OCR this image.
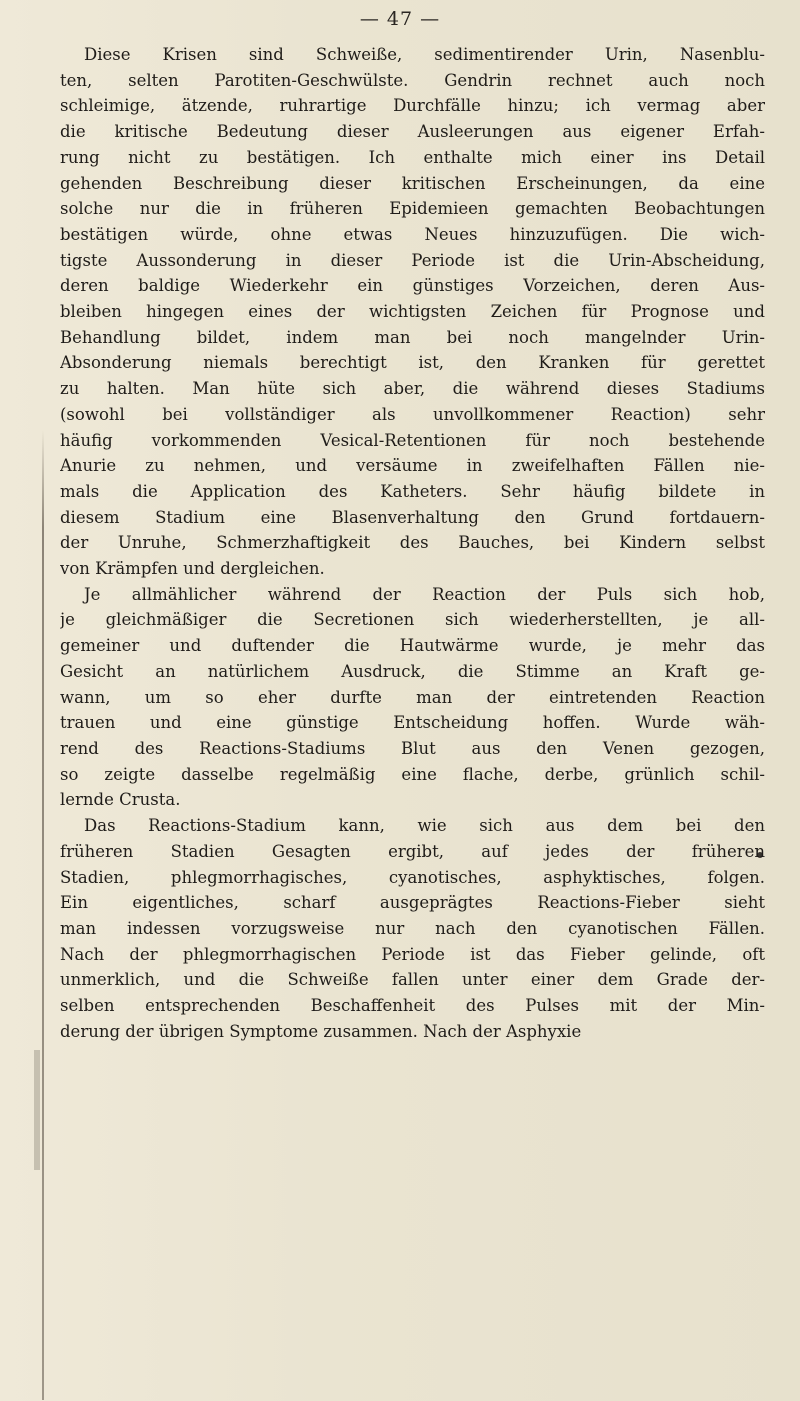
— 47 —
Diese Krisen sind Schweiße, sedimentirender Urin, Nasenblu-
ten, selten Parotiten-Geschwülste. Gendrin rechnet auch noch
schleimige, ätzende, ruhrartige Durchfälle hinzu; ich vermag aber
die kritische Bedeutung dieser Ausleerungen aus eigener Erfah-
rung nicht zu bestätigen. Ich enthalte mich einer ins Detail
gehenden Beschreibung dieser kritischen Erscheinungen, da eine
solche nur die in früheren Epidemieen gemachten Beobachtungen
bestätigen würde, ohne etwas Neues hinzuzufügen. Die wich-
tigste Aussonderung in dieser Periode ist die Urin-Abscheidung,
deren baldige Wiederkehr ein günstiges Vorzeichen, deren Aus-
bleiben hingegen eines der wichtigsten Zeichen für Prognose und
Behandlung bildet, indem man bei noch mangelnder Urin-
Absonderung niemals berechtigt ist, den Kranken für gerettet
zu halten. Man hüte sich aber, die während dieses Stadiums
(sowohl bei vollständiger als unvollkommener Reaction) sehr
häufig vorkommenden Vesical-Retentionen für noch bestehende
Anurie zu nehmen, und versäume in zweifelhaften Fällen nie-
mals die Application des Katheters. Sehr häufig bildete in
diesem Stadium eine Blasenverhaltung den Grund fortdauern-
der Unruhe, Schmerzhaftigkeit des Bauches, bei Kindern selbst
von Krämpfen und dergleichen.
Je allmählicher während der Reaction der Puls sich hob,
je gleichmäßiger die Secretionen sich wiederherstellten, je all-
gemeiner und duftender die Hautwärme wurde, je mehr das
Gesicht an natürlichem Ausdruck, die Stimme an Kraft ge-
wann, um so eher durfte man der eintretenden Reaction
trauen und eine günstige Entscheidung hoffen. Wurde wäh-
rend des Reactions-Stadiums Blut aus den Venen gezogen,
so zeigte dasselbe regelmäßig eine flache, derbe, grünlich schil-
lernde Crusta.
Das Reactions-Stadium kann, wie sich aus dem bei den
früheren Stadien Gesagten ergibt, auf jedes der früheren
Stadien, phlegmorrhagisches, cyanotisches, asphyktisches, folgen.
Ein eigentliches, scharf ausgeprägtes Reactions-Fieber sieht
man indessen vorzugsweise nur nach den cyanotischen Fällen.
Nach der phlegmorrhagischen Periode ist das Fieber gelinde, oft
unmerklich, und die Schweiße fallen unter einer dem Grade der-
selben entsprechenden Beschaffenheit des Pulses mit der Min-
derung der übrigen Symptome zusammen. Nach der Asphyxie
